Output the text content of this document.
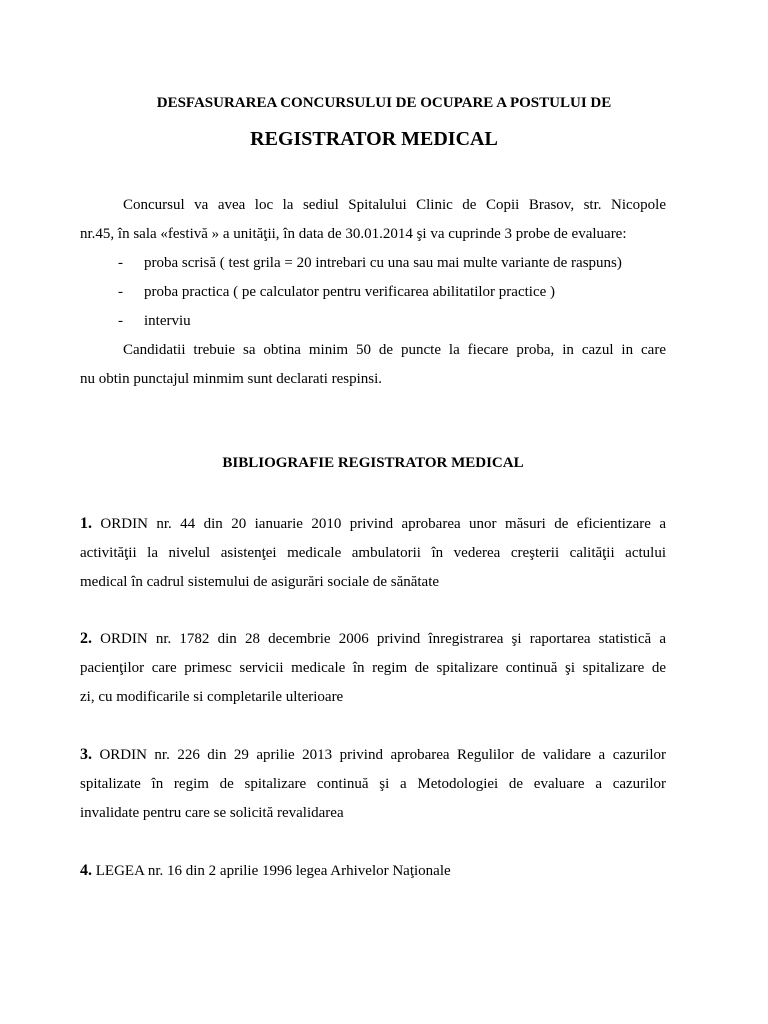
DESFASURAREA CONCURSULUI DE OCUPARE A POSTULUI DE
REGISTRATOR MEDICAL
Concursul va avea loc la sediul Spitalului Clinic de Copii Brasov, str. Nicopole
nr.45, în sala «festivă » a unităţii, în data de 30.01.2014 şi va cuprinde 3 probe de evaluare:
- proba scrisă ( test grila = 20 intrebari cu una sau mai multe variante de raspuns)
- proba practica ( pe calculator pentru verificarea abilitatilor practice )
- interviu
Candidatii trebuie sa obtina minim 50 de puncte la fiecare proba, in cazul in care
nu obtin punctajul minmim sunt declarati respinsi.
BIBLIOGRAFIE REGISTRATOR MEDICAL
1. ORDIN nr. 44 din 20 ianuarie 2010 privind aprobarea unor măsuri de eficientizare a
activităţii la nivelul asistenţei medicale ambulatorii în vederea creşterii calităţii actului
medical în cadrul sistemului de asigurări sociale de sănătate
2. ORDIN nr. 1782 din 28 decembrie 2006 privind înregistrarea şi raportarea statistică a
pacienţilor care primesc servicii medicale în regim de spitalizare continuă şi spitalizare de
zi, cu modificarile si completarile ulterioare
3. ORDIN nr. 226 din 29 aprilie 2013 privind aprobarea Regulilor de validare a cazurilor
spitalizate în regim de spitalizare continuă şi a Metodologiei de evaluare a cazurilor
invalidate pentru care se solicită revalidarea
4. LEGEA nr. 16 din 2 aprilie 1996 legea Arhivelor Naţionale
